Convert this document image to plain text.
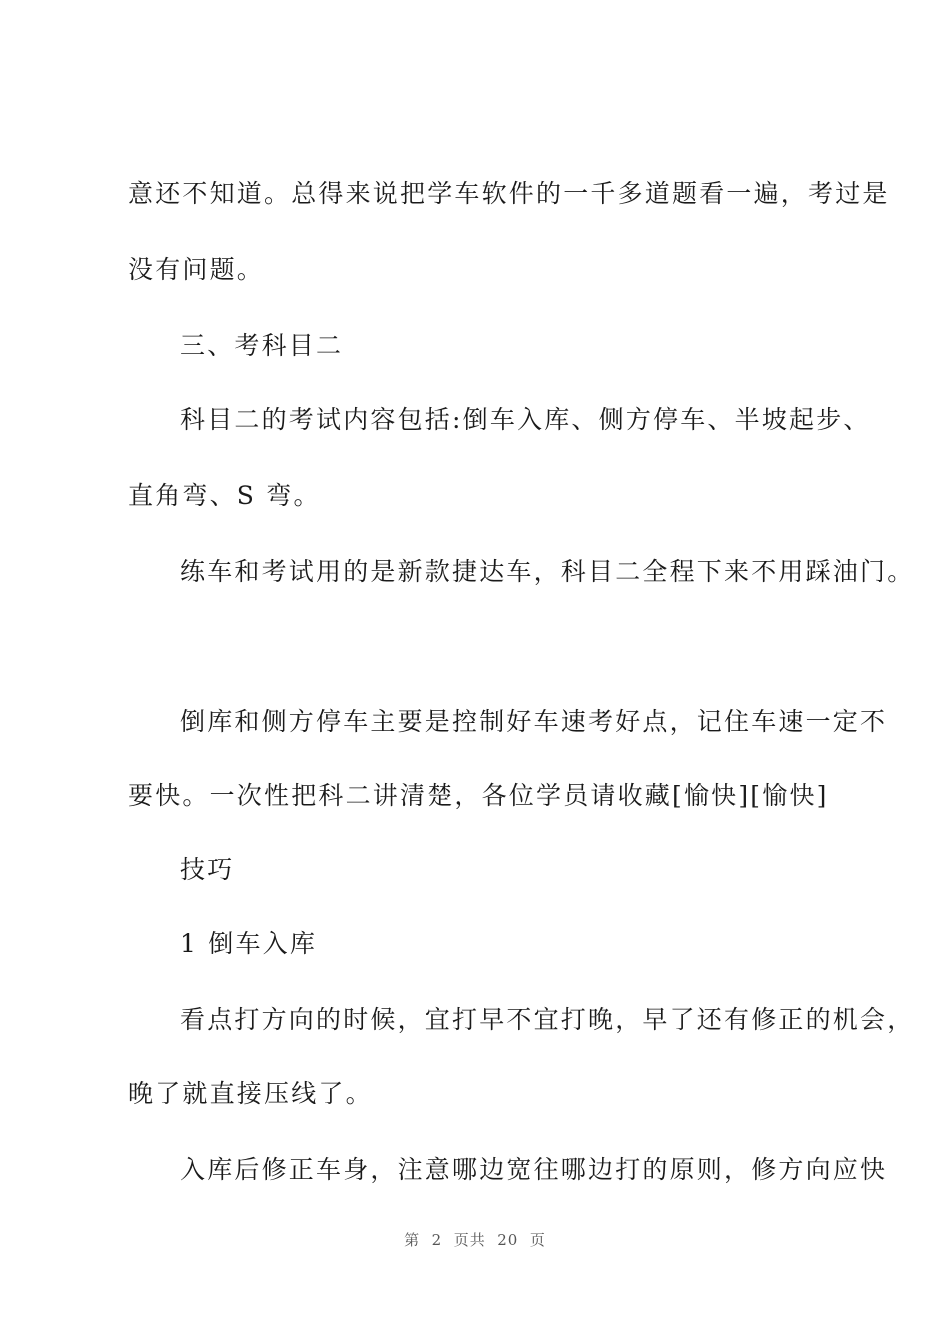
意还不知道。总得来说把学车软件的一千多道题看一遍，考过是
没有问题。
三、考科目二
科目二的考试内容包括:倒车入库、侧方停车、半坡起步、
直角弯、S 弯。
练车和考试用的是新款捷达车，科目二全程下来不用踩油门。
倒库和侧方停车主要是控制好车速考好点，记住车速一定不
要快。一次性把科二讲清楚，各位学员请收藏[愉快][愉快]
技巧
1 倒车入库
看点打方向的时候，宜打早不宜打晚，早了还有修正的机会，
晚了就直接压线了。
入库后修正车身，注意哪边宽往哪边打的原则，修方向应快
第  2  页共  20  页
